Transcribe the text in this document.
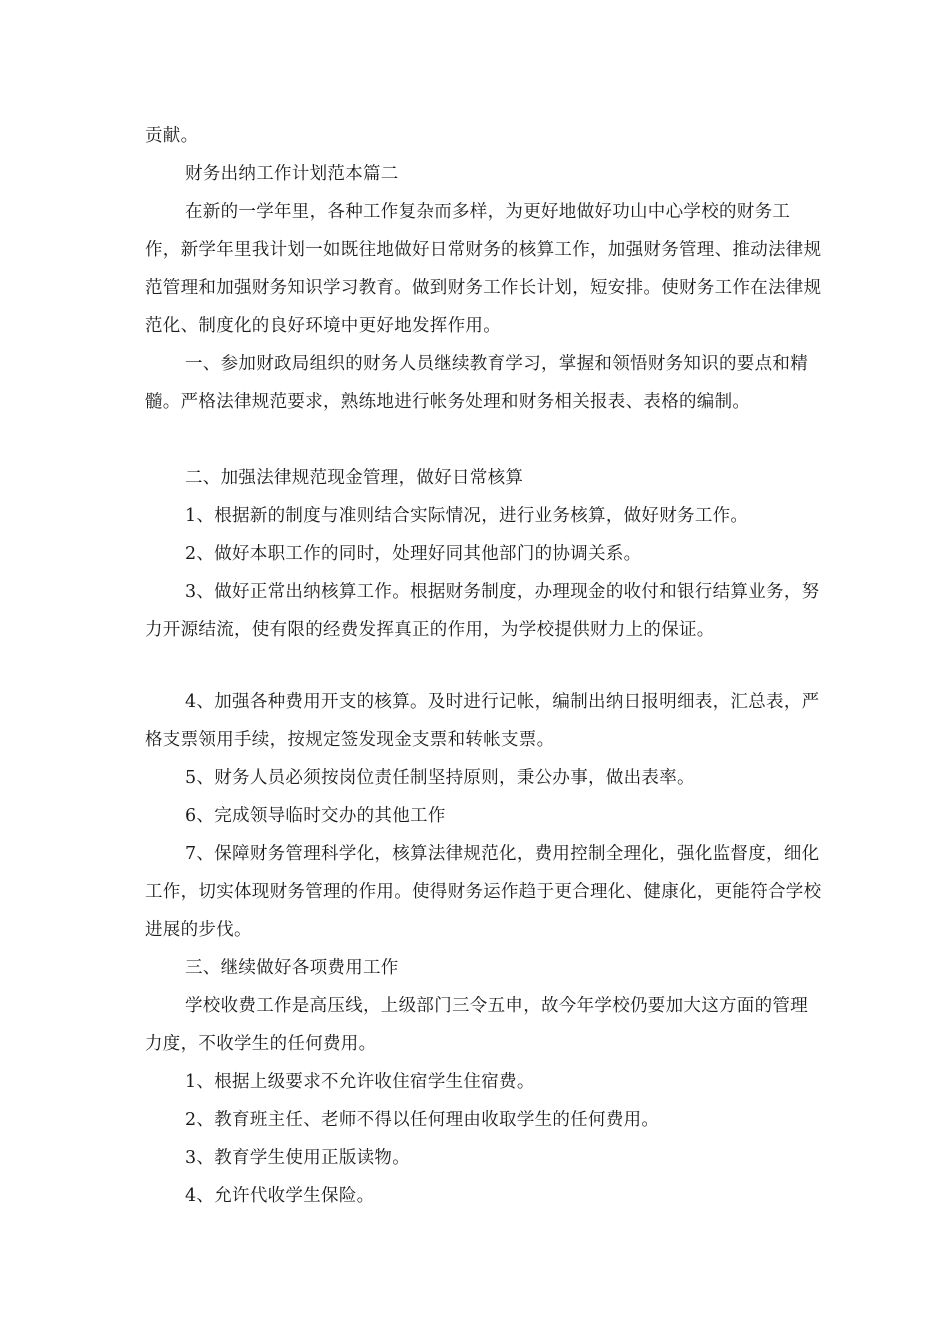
贡献。

财务出纳工作计划范本篇二

在新的一学年里，各种工作复杂而多样，为更好地做好功山中心学校的财务工作，新学年里我计划一如既往地做好日常财务的核算工作，加强财务管理、推动法律规范管理和加强财务知识学习教育。做到财务工作长计划，短安排。使财务工作在法律规范化、制度化的良好环境中更好地发挥作用。

一、参加财政局组织的财务人员继续教育学习，掌握和领悟财务知识的要点和精髓。严格法律规范要求，熟练地进行帐务处理和财务相关报表、表格的编制。

二、加强法律规范现金管理，做好日常核算

1、根据新的制度与准则结合实际情况，进行业务核算，做好财务工作。

2、做好本职工作的同时，处理好同其他部门的协调关系。

3、做好正常出纳核算工作。根据财务制度，办理现金的收付和银行结算业务，努力开源结流，使有限的经费发挥真正的作用，为学校提供财力上的保证。

4、加强各种费用开支的核算。及时进行记帐，编制出纳日报明细表，汇总表，严格支票领用手续，按规定签发现金支票和转帐支票。

5、财务人员必须按岗位责任制坚持原则，秉公办事，做出表率。

6、完成领导临时交办的其他工作

7、保障财务管理科学化，核算法律规范化，费用控制全理化，强化监督度，细化工作，切实体现财务管理的作用。使得财务运作趋于更合理化、健康化，更能符合学校进展的步伐。

三、继续做好各项费用工作

学校收费工作是高压线，上级部门三令五申，故今年学校仍要加大这方面的管理力度，不收学生的任何费用。

1、根据上级要求不允许收住宿学生住宿费。

2、教育班主任、老师不得以任何理由收取学生的任何费用。

3、教育学生使用正版读物。

4、允许代收学生保险。
